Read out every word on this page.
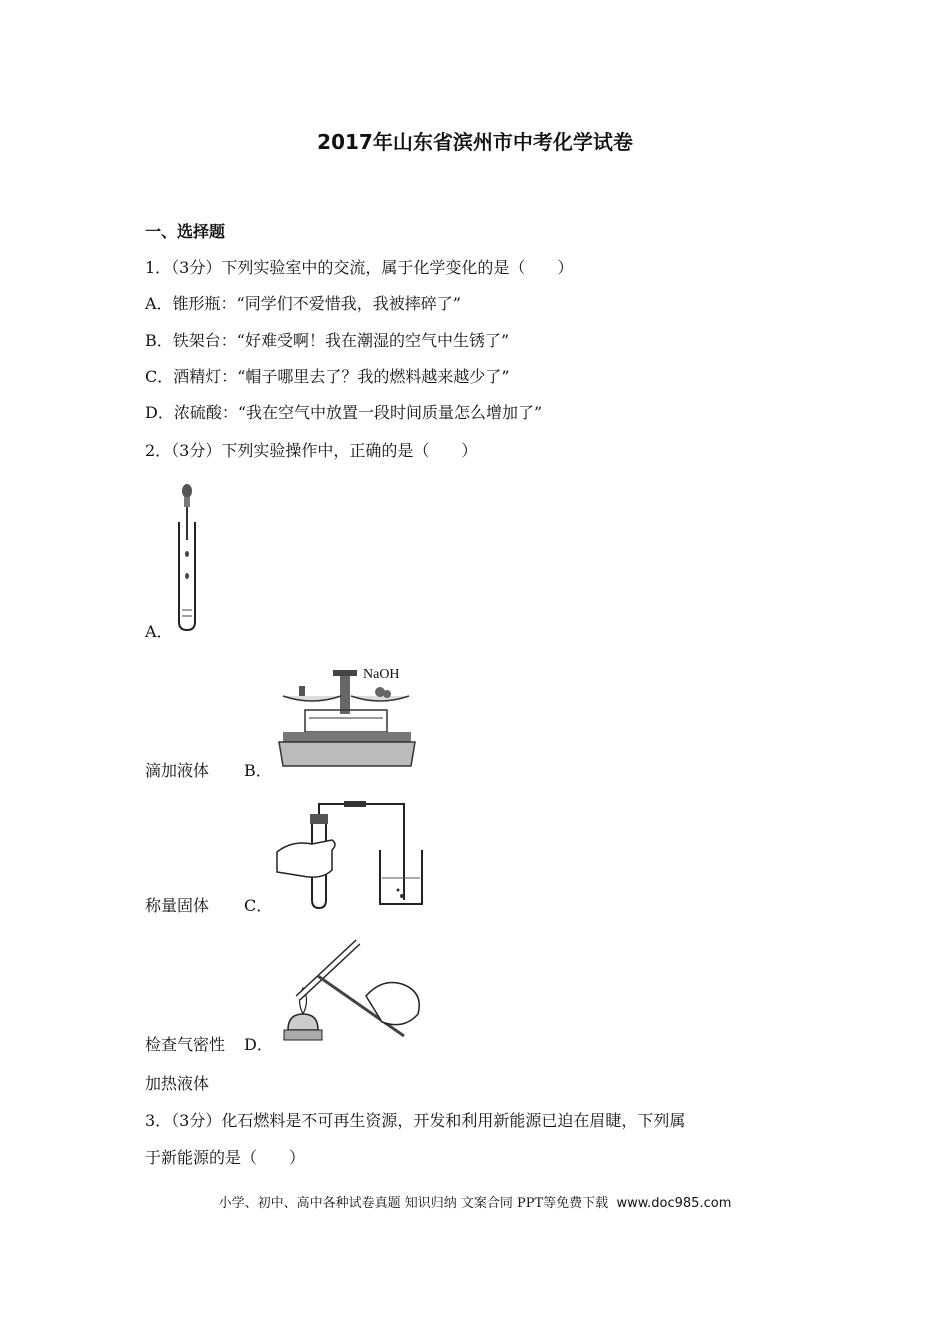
2017年山东省滨州市中考化学试卷
一、选择题
1．（3分）下列实验室中的交流，属于化学变化的是（　　）
A．锥形瓶：“同学们不爱惜我，我被摔碎了”
B．铁架台：“好难受啊！我在潮湿的空气中生锈了”
C．酒精灯：“帽子哪里去了？我的燃料越来越少了”
D．浓硫酸：“我在空气中放置一段时间质量怎么增加了”
2．（3分）下列实验操作中，正确的是（　　）
A．
NaOH
滴加液体 B．
称量固体 C．
检查气密性 D．
加热液体
3．（3分）化石燃料是不可再生资源，开发和利用新能源已迫在眉睫，下列属
于新能源的是（　　）
小学、初中、高中各种试卷真题 知识归纳 文案合同 PPT等免费下载 www.doc985.com
